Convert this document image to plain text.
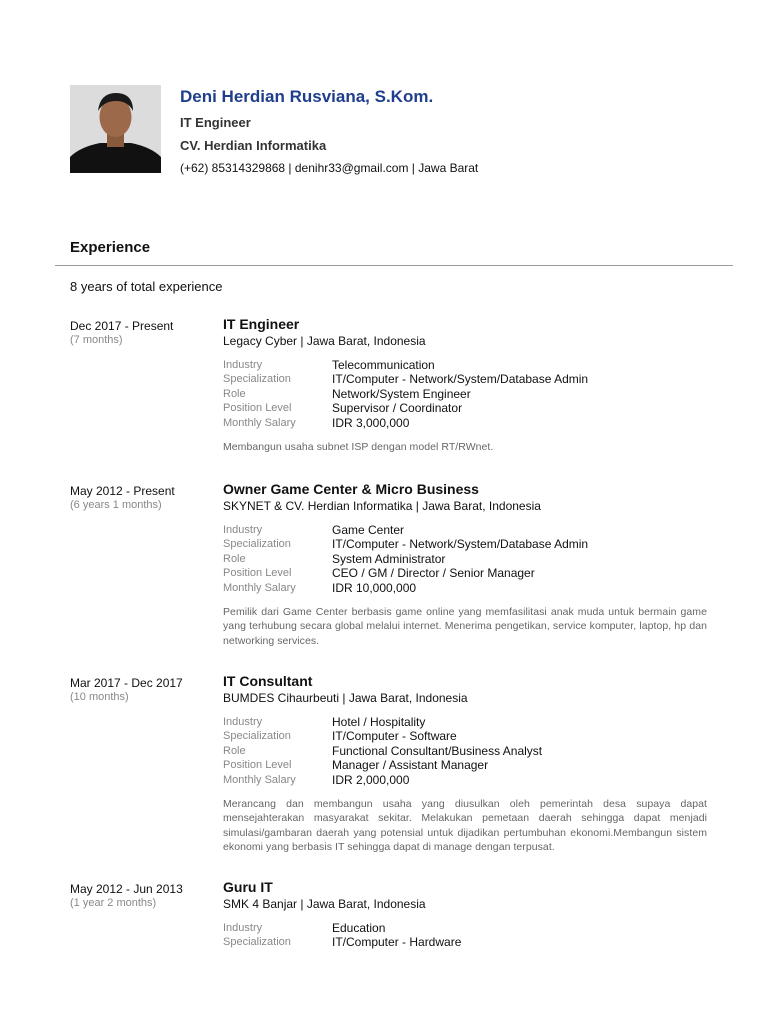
Deni Herdian Rusviana, S.Kom.
IT Engineer
CV. Herdian Informatika
(+62) 85314329868 | denihr33@gmail.com | Jawa Barat
Experience
8 years of total experience
Dec 2017 - Present
(7 months)
IT Engineer
Legacy Cyber | Jawa Barat, Indonesia
Industry	Telecommunication
Specialization	IT/Computer - Network/System/Database Admin
Role	Network/System Engineer
Position Level	Supervisor / Coordinator
Monthly Salary	IDR 3,000,000
Membangun usaha subnet ISP dengan model RT/RWnet.
May 2012 - Present
(6 years 1 months)
Owner Game Center & Micro Business
SKYNET & CV. Herdian Informatika | Jawa Barat, Indonesia
Industry	Game Center
Specialization	IT/Computer - Network/System/Database Admin
Role	System Administrator
Position Level	CEO / GM / Director / Senior Manager
Monthly Salary	IDR 10,000,000
Pemilik dari Game Center berbasis game online yang memfasilitasi anak muda untuk bermain game yang terhubung secara global melalui internet. Menerima pengetikan, service komputer, laptop, hp dan networking services.
Mar 2017 - Dec 2017
(10 months)
IT Consultant
BUMDES Cihaurbeuti | Jawa Barat, Indonesia
Industry	Hotel / Hospitality
Specialization	IT/Computer - Software
Role	Functional Consultant/Business Analyst
Position Level	Manager / Assistant Manager
Monthly Salary	IDR 2,000,000
Merancang dan membangun usaha yang diusulkan oleh pemerintah desa supaya dapat mensejahterakan masyarakat sekitar. Melakukan pemetaan daerah sehingga dapat menjadi simulasi/gambaran daerah yang potensial untuk dijadikan pertumbuhan ekonomi.Membangun sistem ekonomi yang berbasis IT sehingga dapat di manage dengan terpusat.
May 2012 - Jun 2013
(1 year 2 months)
Guru IT
SMK 4 Banjar | Jawa Barat, Indonesia
Industry	Education
Specialization	IT/Computer - Hardware
